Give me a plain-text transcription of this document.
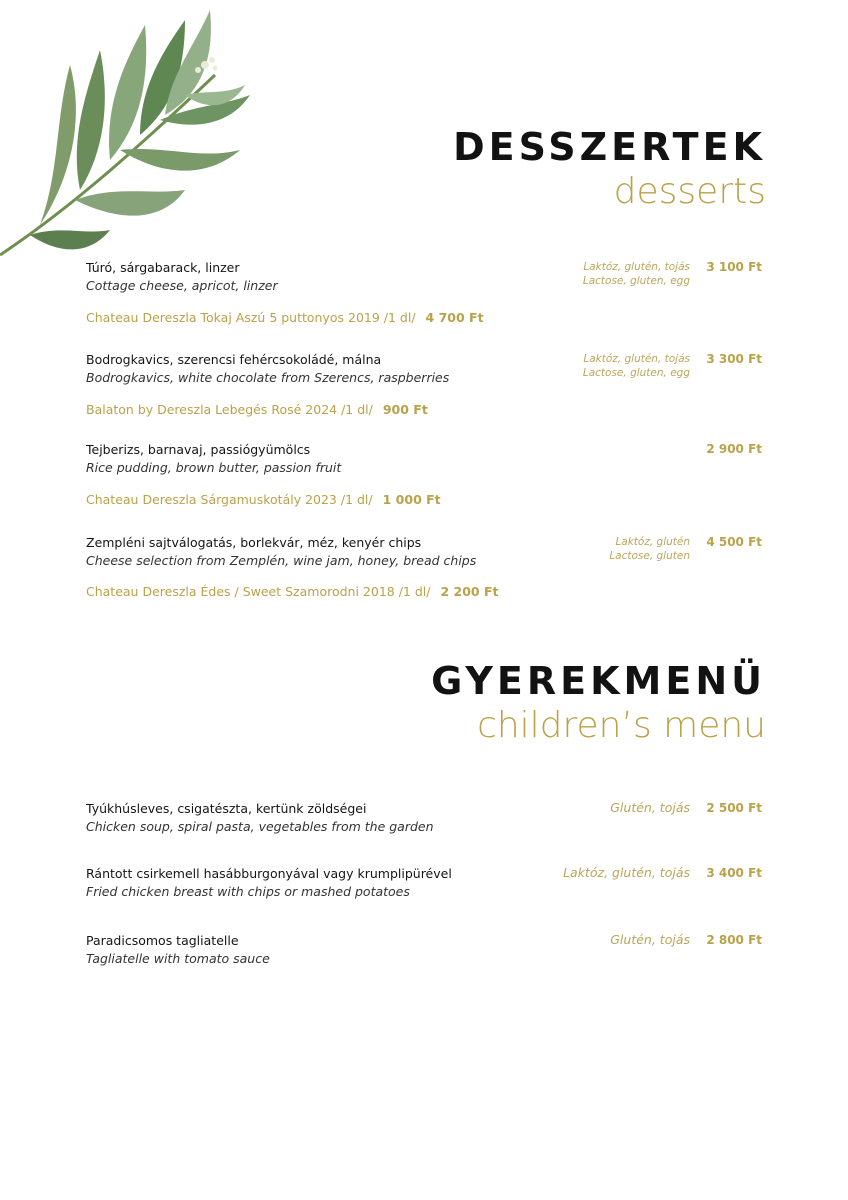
DESSZERTEK
desserts
Túró, sárgabarack, linzer
Cottage cheese, apricot, linzer
Laktóz, glutén, tojás
Lactose, gluten, egg
3 100 Ft
Chateau Dereszla Tokaj Aszú 5 puttonyos 2019 /1 dl/ 4 700 Ft
Bodrogkavics, szerencsi fehércsokoládé, málna
Bodrogkavics, white chocolate from Szerencs, raspberries
Laktóz, glutén, tojás
Lactose, gluten, egg
3 300 Ft
Balaton by Dereszla Lebegés Rosé 2024 /1 dl/ 900 Ft
Tejberizs, barnavaj, passiógyümölcs
Rice pudding, brown butter, passion fruit
2 900 Ft
Chateau Dereszla Sárgamuskotály 2023 /1 dl/ 1 000 Ft
Zempléni sajtválogatás, borlekvár, méz, kenyér chips
Cheese selection from Zemplén, wine jam, honey, bread chips
Laktóz, glutén
Lactose, gluten
4 500 Ft
Chateau Dereszla Édes / Sweet Szamorodni 2018 /1 dl/ 2 200 Ft
GYEREKMENÜ
children’s menu
Tyúkhúsleves, csigatészta, kertünk zöldségei
Chicken soup, spiral pasta, vegetables from the garden
Glutén, tojás 2 500 Ft
Rántott csirkemell hasábburgonyával vagy krumplipürével
Fried chicken breast with chips or mashed potatoes
Laktóz, glutén, tojás 3 400 Ft
Paradicsomos tagliatelle
Tagliatelle with tomato sauce
Glutén, tojás 2 800 Ft
